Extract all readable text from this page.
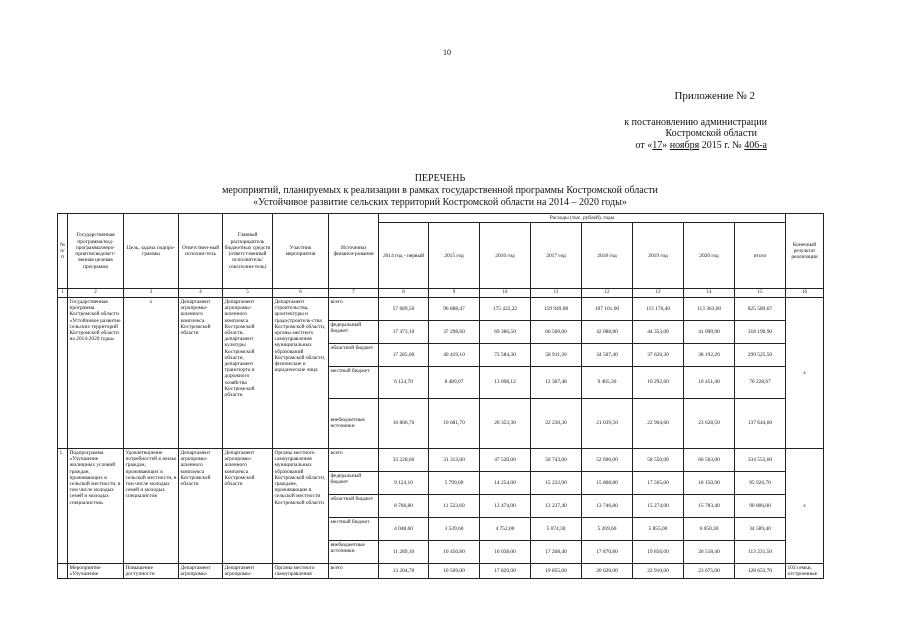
10
Приложение № 2
к постановлению администрации
Костромской области
от «17» ноября 2015 г. № 406-а
ПЕРЕЧЕНЬ
мероприятий, планируемых к реализации в рамках государственной программы Костромской области
«Устойчивое развитие сельских территорий Костромской области на 2014 – 2020 годы»
№ п/п	Государственная программа/под-программа/меро-приятие/ведомст-венная целевая программа	Цель, задача подпро-граммы	Ответствен-ный исполни-тель	Главный распорядитель бюджетных средств (ответст-венный исполнитель/соисполни-тель)	Участник мероприятия	Источники финанси-рования	Расходы (тыс. рублей), годы								Конечный результат реализации
							2014 год - первый	2015 год	2016 год	2017 год	2018 год	2019 год	2020 год	итого	
1	2	3	4	5	6	7	8	9	10	11	12	13	14	15	16
	Государственная программа Костромской области «Устойчивое развитие сельских территорий Костромской области на 2014-2020 годы»	х	Департамент агропромы-шленного комплекса Костромской области	Департамент агропромы-шленного комплекса Костромской области, департамент культуры Костромской области, департамент транспорта и дорожного хозяйства Костромской области	Департамент строительства, архитектуры и градостроитель-ства Костромской области, органы местного самоуправления муниципальных образований Костромской области, физические и юридические лица	всего	57 689,50	96 888,47	175 422,22	159 949,08	107 101,00	115 176,40	113 363,00	825 589,67	х
						федеральный бюджет	17 473,10	37 298,60	69 386,50	66 500,00	42 088,80	44 353,00	41 090,90	318 190,90	
						областной бюджет	17 285,00	40 419,10	72 584,30	58 911,30	34 507,40	37 626,30	38 192,20	299 525,50	
						местный бюджет	6 124,70	8 489,07	13 098,12	12 307,48	9 465,30	10 292,60	10 451,40	70 228,67	
						внебюджетные источники	16 806,70	10 681,70	20 353,30	22 230,30	21 039,50	22 904,60	23 628,50	137 644,60	
1.	Подпрограмма «Улучшение жилищных условий граждан, проживающих в сельской местности, в том числе молодых семей и молодых специалистов»	Удовлетворение потребностей в жилье граждан, проживающих в сельской местности, в том числе молодых семей и молодых специалистов	Департамент агропромы-шленного комплекса Костромской области	Департамент агропромы-шленного комплекса Костромской области	Органы местного самоуправления муниципальных образований Костромской области, граждане, проживающие в сельской местности Костромской области	всего	33 228,60	31 313,00	47 520,00	50 743,00	52 696,00	58 550,00	60 503,00	334 553,60	х
						федеральный бюджет	9 124,10	5 799,00	14 254,00	15 222,90	15 808,80	17 565,00	18 150,90	95 926,70	
						областной бюджет	8 766,80	11 523,60	12 474,00	13 237,40	13 746,80	15 274,00	15 783,40	90 806,00	
						местный бюджет	4 048,60	3 539,60	4 752,00	5 074,30	5 269,60	5 855,00	6 050,30	34 589,40	
						внебюджетные источники	11 289,10	10 450,80	16 038,00	17 208,40	17 870,80	19 856,00	20 518,40	113 231,50	
	Мероприятие «Улучшение	Повышение доступности	Департамент агропромы-	Департамент агропромы-	Органы местного самоуправления	всего	13 204,70	10 569,00	17 820,00	19 855,00	20 620,00	22 910,00	23 675,00	128 653,70	103 семьи, отстроенные
